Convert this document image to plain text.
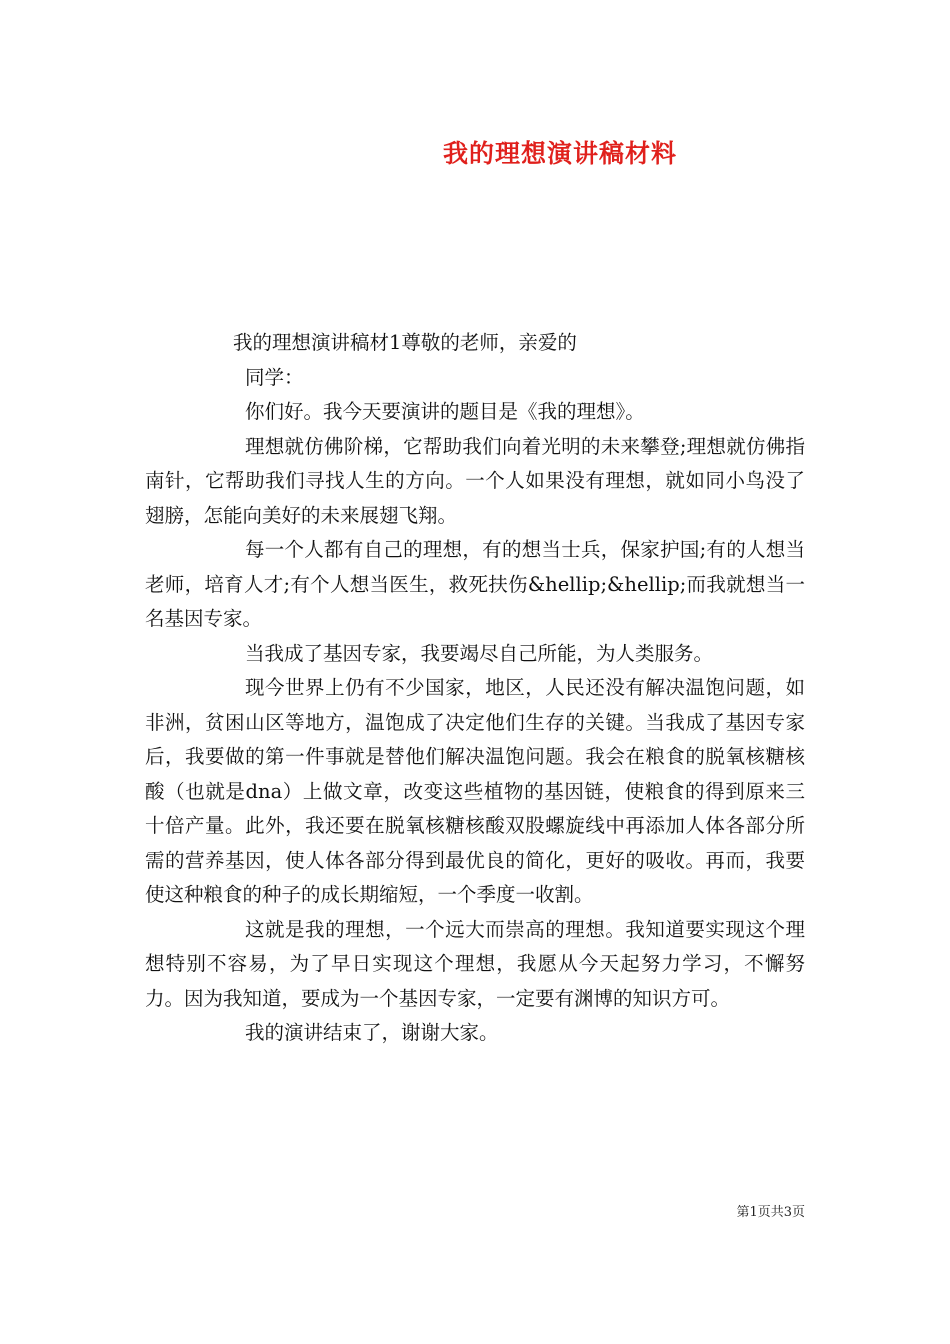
我的理想演讲稿材料

我的理想演讲稿材1尊敬的老师，亲爱的

同学：

你们好。我今天要演讲的题目是《我的理想》。

理想就仿佛阶梯，它帮助我们向着光明的未来攀登;理想就仿佛指南针，它帮助我们寻找人生的方向。一个人如果没有理想，就如同小鸟没了翅膀，怎能向美好的未来展翅飞翔。

每一个人都有自己的理想，有的想当士兵，保家护国;有的人想当老师，培育人才;有个人想当医生，救死扶伤&hellip;&hellip;而我就想当一名基因专家。

当我成了基因专家，我要竭尽自己所能，为人类服务。

现今世界上仍有不少国家，地区，人民还没有解决温饱问题，如非洲，贫困山区等地方，温饱成了决定他们生存的关键。当我成了基因专家后，我要做的第一件事就是替他们解决温饱问题。我会在粮食的脱氧核糖核酸（也就是dna）上做文章，改变这些植物的基因链，使粮食的得到原来三十倍产量。此外，我还要在脱氧核糖核酸双股螺旋线中再添加人体各部分所需的营养基因，使人体各部分得到最优良的简化，更好的吸收。再而，我要使这种粮食的种子的成长期缩短，一个季度一收割。

这就是我的理想，一个远大而崇高的理想。我知道要实现这个理想特别不容易，为了早日实现这个理想，我愿从今天起努力学习，不懈努力。因为我知道，要成为一个基因专家，一定要有渊博的知识方可。

我的演讲结束了，谢谢大家。

第1页共3页
